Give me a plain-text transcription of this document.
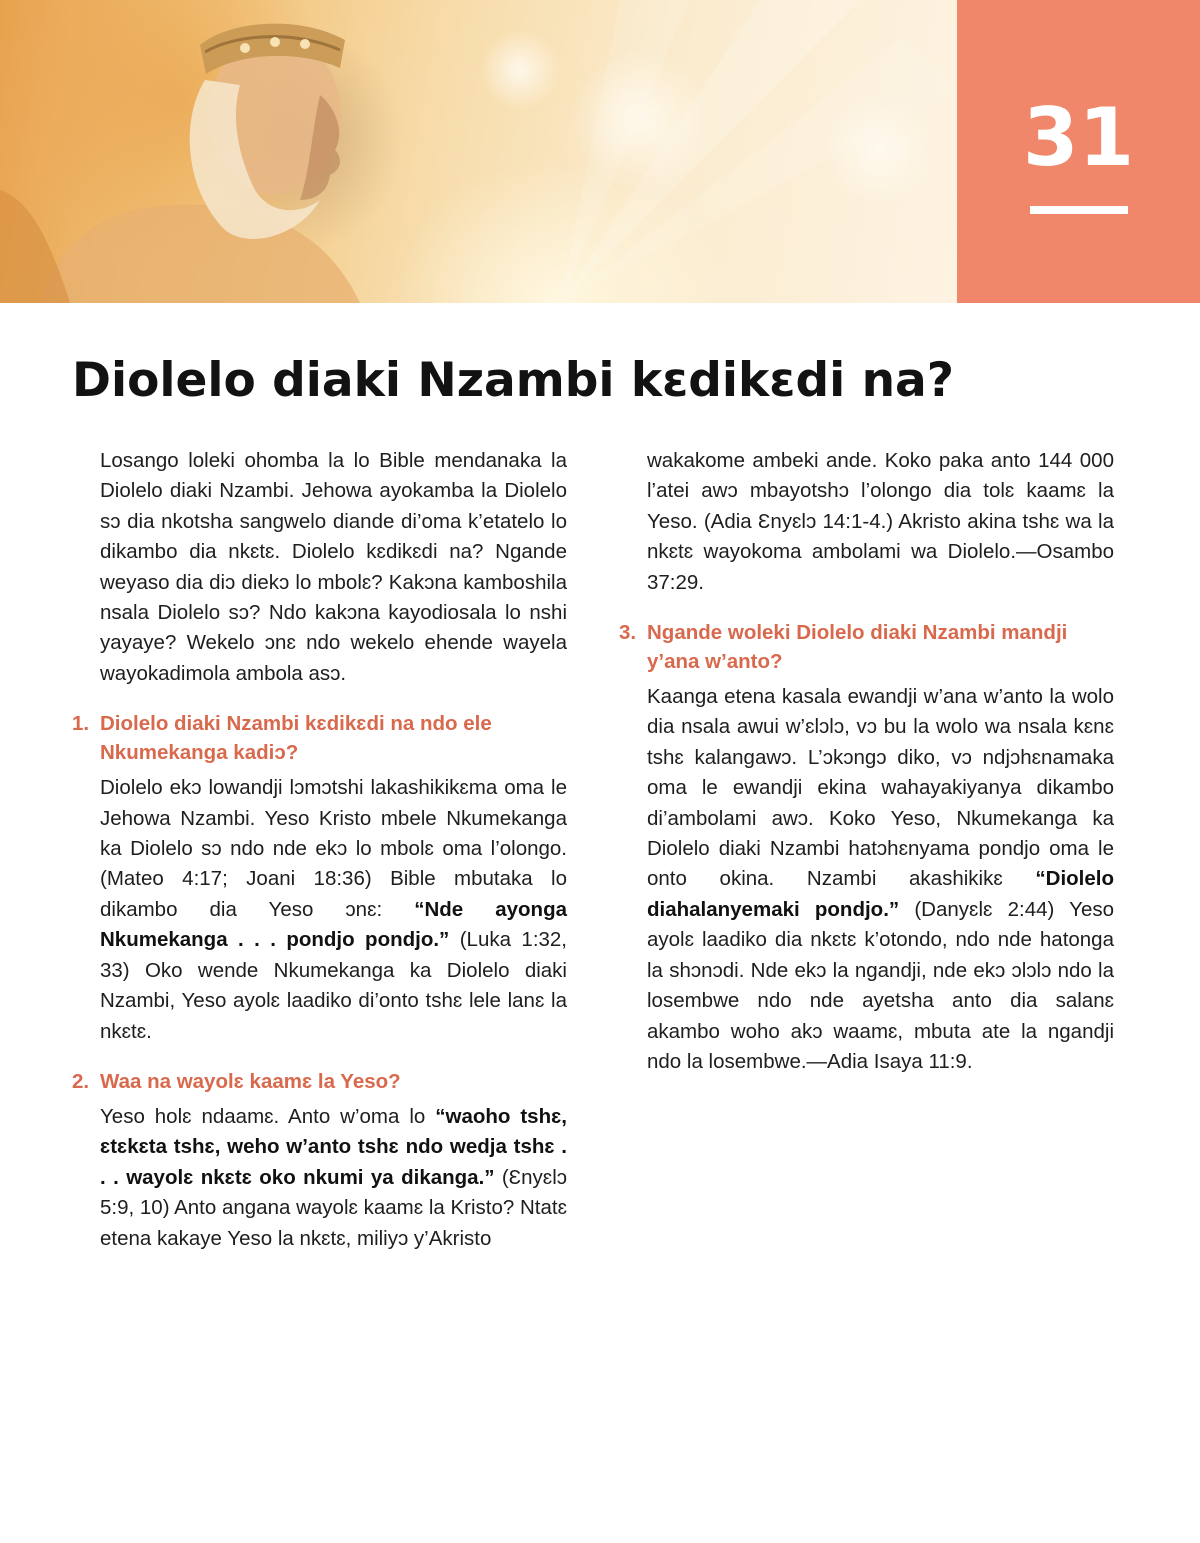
31
Diolelo diaki Nzambi kɛdikɛdi na?

Losango loleki ohomba la lo Bible mendanaka la Diolelo diaki Nzambi. Jehowa ayokamba la Diolelo sɔ dia nkotsha sangwelo diande di’oma k’etatelo lo dikambo dia nkɛtɛ. Diolelo kɛdikɛdi na? Ngande weyaso dia diɔ diekɔ lo mbolɛ? Kakɔna kamboshila nsala Diolelo sɔ? Ndo kakɔna kayodiosala lo nshi yayaye? Wekelo ɔnɛ ndo wekelo ehende wayela wayokadimola ambola asɔ.

1. Diolelo diaki Nzambi kɛdikɛdi na ndo ele Nkumekanga kadiɔ?

Diolelo ekɔ lowandji lɔmɔtshi lakashikikɛma oma le Jehowa Nzambi. Yeso Kristo mbele Nkumekanga ka Diolelo sɔ ndo nde ekɔ lo mbolɛ oma l’olongo. (Mateo 4:17; Joani 18:36) Bible mbutaka lo dikambo dia Yeso ɔnɛ: “Nde ayonga Nkumekanga . . . pondjo pondjo.” (Luka 1:32, 33) Oko wende Nkumekanga ka Diolelo diaki Nzambi, Yeso ayolɛ laadiko di’onto tshɛ lele lanɛ la nkɛtɛ.

2. Waa na wayolɛ kaamɛ la Yeso?

Yeso holɛ ndaamɛ. Anto w’oma lo “waoho tshɛ, ɛtɛkɛta tshɛ, weho w’anto tshɛ ndo wedja tshɛ . . . wayolɛ nkɛtɛ oko nkumi ya dikanga.” (Ɛnyɛlɔ 5:9, 10) Anto angana wayolɛ kaamɛ la Kristo? Ntatɛ etena kakaye Yeso la nkɛtɛ, miliyɔ y’Akristo

wakakome ambeki ande. Koko paka anto 144 000 l’atei awɔ mbayotshɔ l’olongo dia tolɛ kaamɛ la Yeso. (Adia Ɛnyɛlɔ 14:1-4.) Akristo akina tshɛ wa la nkɛtɛ wayokoma ambolami wa Diolelo.—Osambo 37:29.

3. Ngande woleki Diolelo diaki Nzambi mandji y’ana w’anto?

Kaanga etena kasala ewandji w’ana w’anto la wolo dia nsala awui w’ɛlɔlɔ, vɔ bu la wolo wa nsala kɛnɛ tshɛ kalangawɔ. L’ɔkɔngɔ diko, vɔ ndjɔhɛnamaka oma le ewandji ekina wahayakiyanya dikambo di’ambolami awɔ. Koko Yeso, Nkumekanga ka Diolelo diaki Nzambi hatɔhɛnyama pondjo oma le onto okina. Nzambi akashikikɛ “Diolelo diahalanyemaki pondjo.” (Danyɛlɛ 2:44) Yeso ayolɛ laadiko dia nkɛtɛ k’otondo, ndo nde hatonga la shɔnɔdi. Nde ekɔ la ngandji, nde ekɔ ɔlɔlɔ ndo la losembwe ndo nde ayetsha anto dia salanɛ akambo woho akɔ waamɛ, mbuta ate la ngandji ndo la losembwe.—Adia Isaya 11:9.
